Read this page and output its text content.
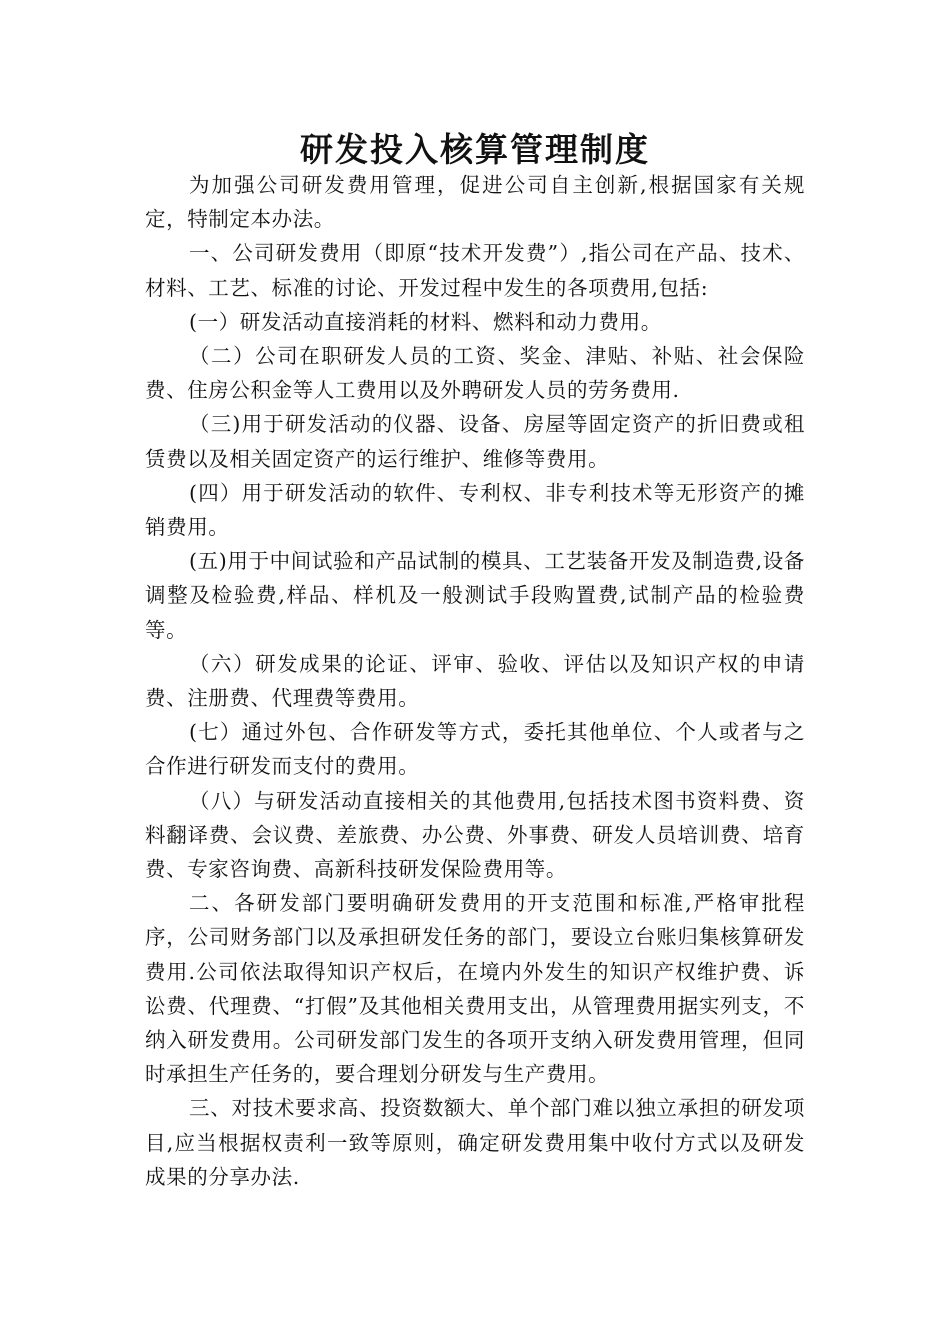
研发投入核算管理制度

为加强公司研发费用管理，促进公司自主创新,根据国家有关规定，特制定本办法。

一、公司研发费用（即原“技术开发费”）,指公司在产品、技术、材料、工艺、标准的讨论、开发过程中发生的各项费用,包括:

(一）研发活动直接消耗的材料、燃料和动力费用。

（二）公司在职研发人员的工资、奖金、津贴、补贴、社会保险费、住房公积金等人工费用以及外聘研发人员的劳务费用.

（三)用于研发活动的仪器、设备、房屋等固定资产的折旧费或租赁费以及相关固定资产的运行维护、维修等费用。

(四）用于研发活动的软件、专利权、非专利技术等无形资产的摊销费用。

(五)用于中间试验和产品试制的模具、工艺装备开发及制造费,设备调整及检验费,样品、样机及一般测试手段购置费,试制产品的检验费等。

（六）研发成果的论证、评审、验收、评估以及知识产权的申请费、注册费、代理费等费用。

(七）通过外包、合作研发等方式，委托其他单位、个人或者与之合作进行研发而支付的费用。

（八）与研发活动直接相关的其他费用,包括技术图书资料费、资料翻译费、会议费、差旅费、办公费、外事费、研发人员培训费、培育费、专家咨询费、高新科技研发保险费用等。

二、各研发部门要明确研发费用的开支范围和标准,严格审批程序，公司财务部门以及承担研发任务的部门，要设立台账归集核算研发费用.公司依法取得知识产权后，在境内外发生的知识产权维护费、诉讼费、代理费、“打假”及其他相关费用支出，从管理费用据实列支，不纳入研发费用。公司研发部门发生的各项开支纳入研发费用管理，但同时承担生产任务的，要合理划分研发与生产费用。

三、对技术要求高、投资数额大、单个部门难以独立承担的研发项目,应当根据权责利一致等原则，确定研发费用集中收付方式以及研发成果的分享办法.
